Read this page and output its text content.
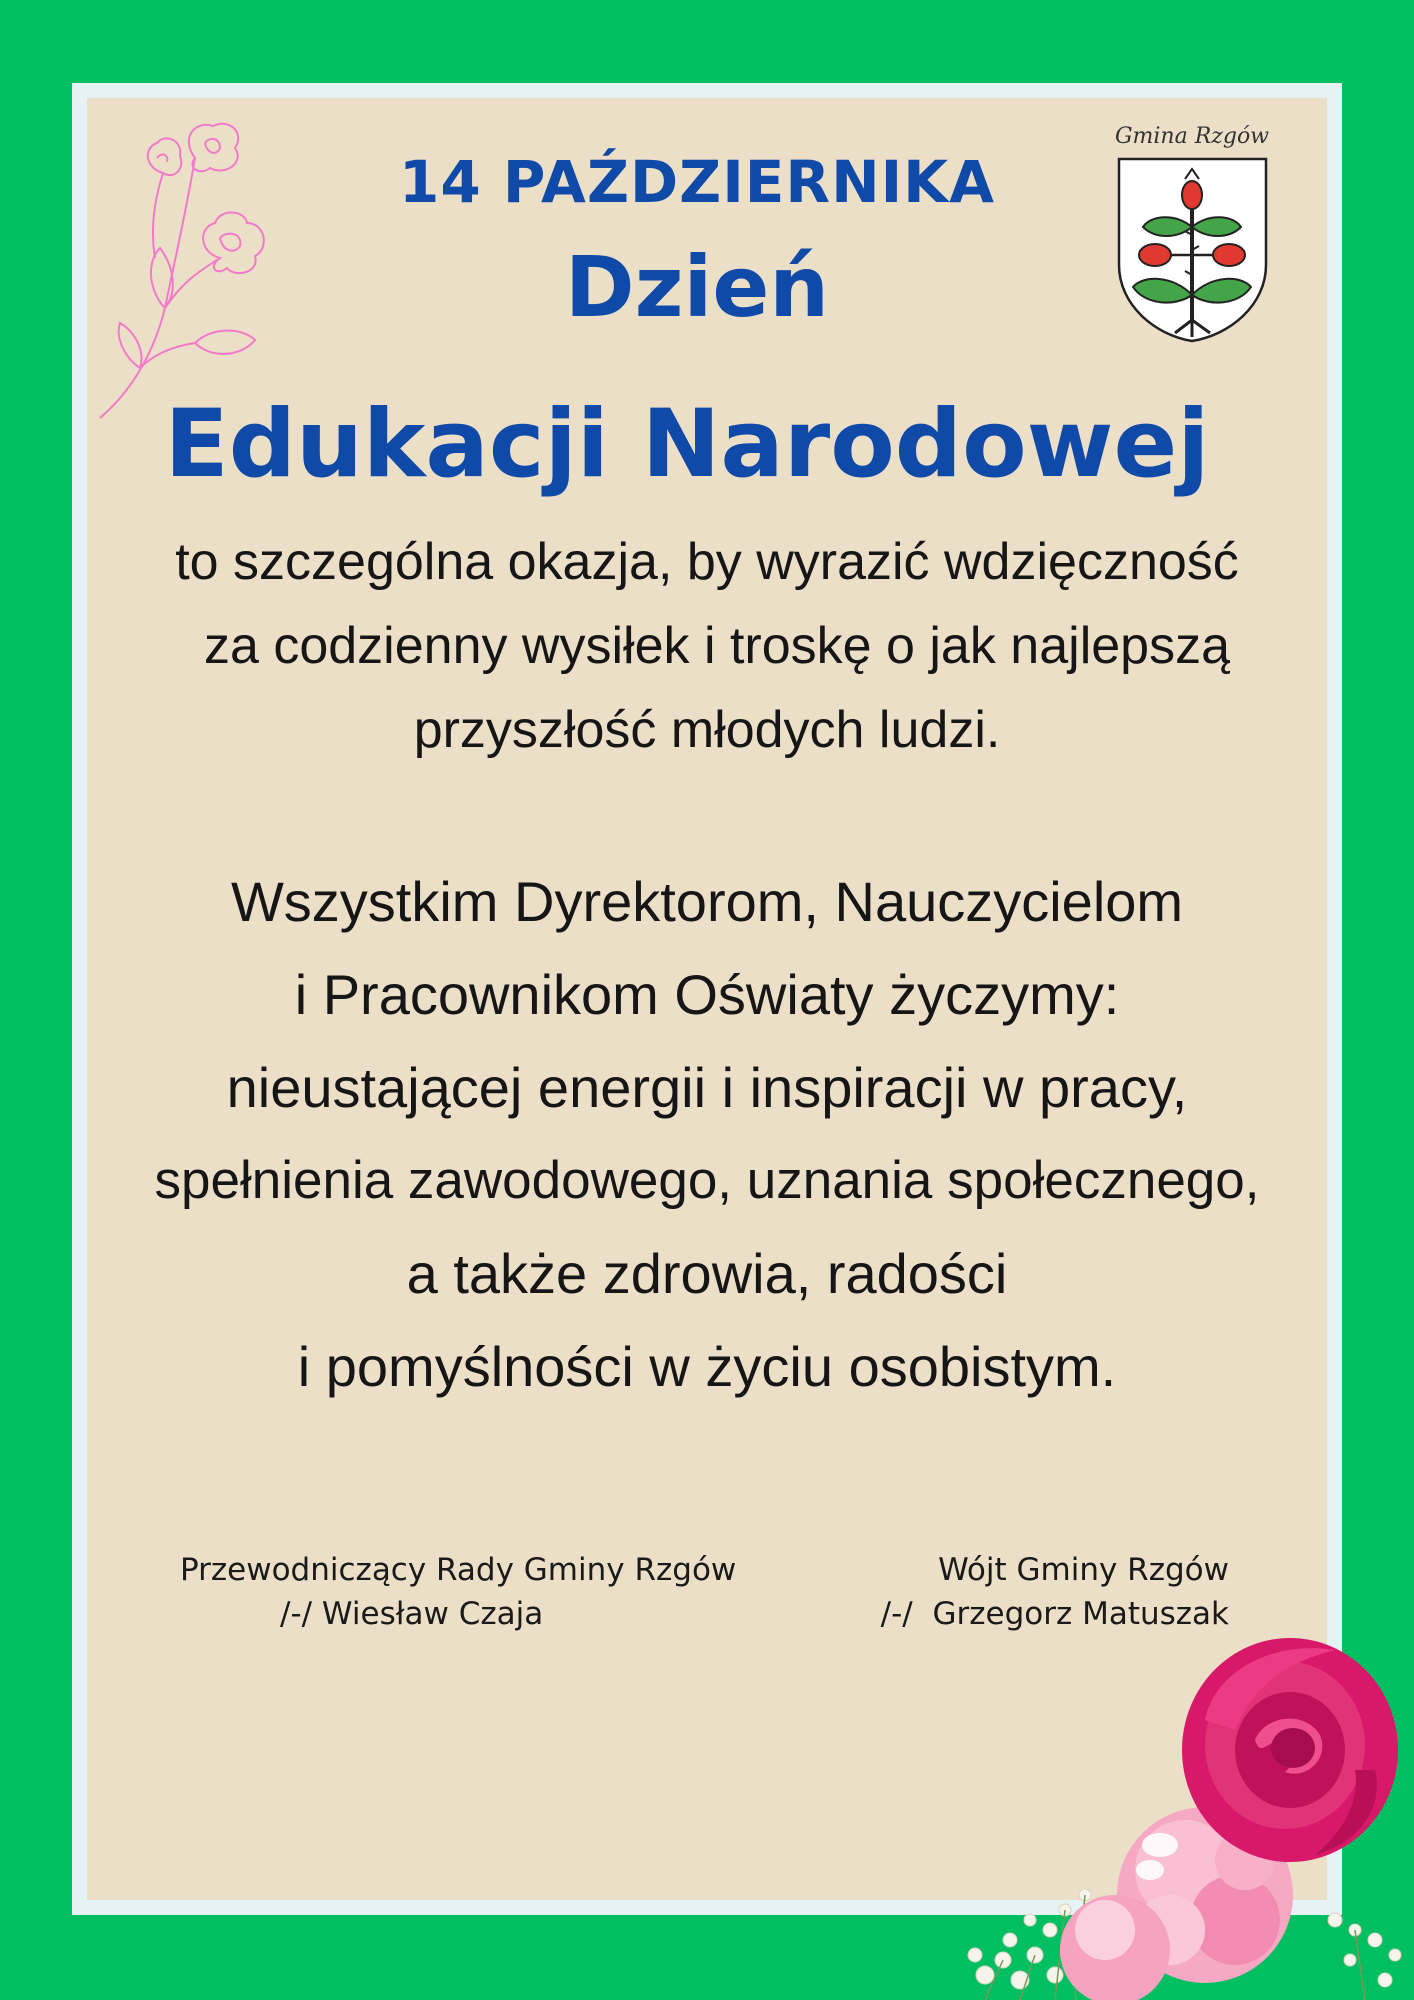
14 PAŹDZIERNIKA
Dzień
Edukacji Narodowej
Gmina Rzgów
to szczególna okazja, by wyrazić wdzięczność
za codzienny wysiłek i troskę o jak najlepszą
przyszłość młodych ludzi.
Wszystkim Dyrektorom, Nauczycielom
i Pracownikom Oświaty życzymy:
nieustającej energii i inspiracji w pracy,
spełnienia zawodowego, uznania społecznego,
a także zdrowia, radości
i pomyślności w życiu osobistym.
Przewodniczący Rady Gminy Rzgów
/-/ Wiesław Czaja
Wójt Gminy Rzgów
/-/  Grzegorz Matuszak
